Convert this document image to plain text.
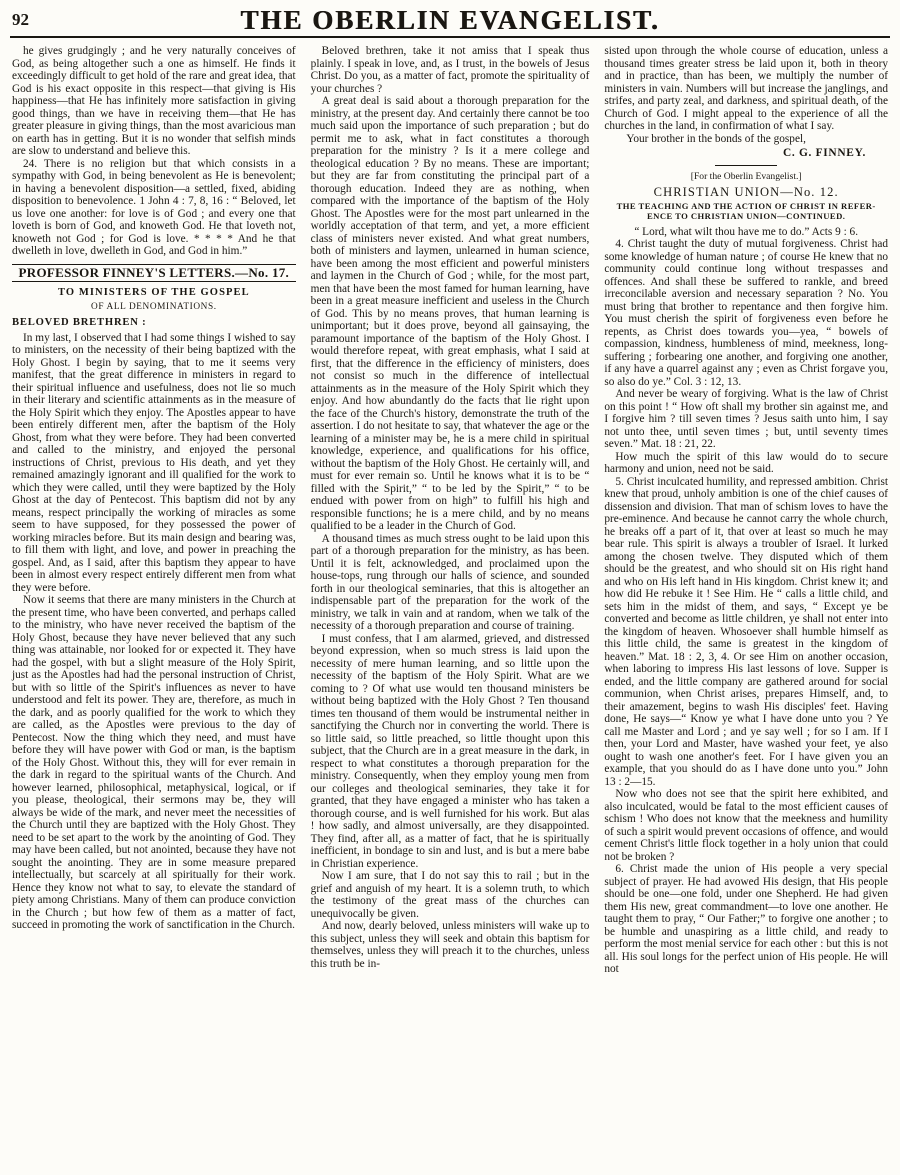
92	THE OBERLIN EVANGELIST.

he gives grudgingly ; and he very naturally conceives of God, as being altogether such a one as himself. He finds it exceedingly difficult to get hold of the rare and great idea, that God is his exact opposite in this respect—that giving is His happiness—that He has infinitely more satisfaction in giving good things, than we have in receiving them—that He has greater pleasure in giving things, than the most avaricious man on earth has in getting. But it is no wonder that selfish minds are slow to understand and believe this.

24. There is no religion but that which consists in a sympathy with God, in being benevolent as He is benevolent; in having a benevolent disposition—a settled, fixed, abiding disposition to benevolence. 1 John 4 : 7, 8, 16 : “ Beloved, let us love one another: for love is of God ; and every one that loveth is born of God, and knoweth God. He that loveth not, knoweth not God ; for God is love. * * * * And he that dwelleth in love, dwelleth in God, and God in him.”

PROFESSOR FINNEY'S LETTERS.—No. 17.
TO MINISTERS OF THE GOSPEL
OF ALL DENOMINATIONS.
BELOVED BRETHREN :

In my last, I observed that I had some things I wished to say to ministers, on the necessity of their being baptized with the Holy Ghost. I begin by saying, that to me it seems very manifest, that the great difference in ministers in regard to their spiritual influence and usefulness, does not lie so much in their literary and scientific attainments as in the measure of the Holy Spirit which they enjoy. The Apostles appear to have been entirely different men, after the baptism of the Holy Ghost, from what they were before. They had been converted and called to the ministry, and enjoyed the personal instructions of Christ, previous to His death, and yet they remained amazingly ignorant and ill qualified for the work to which they were called, until they were baptized by the Holy Ghost at the day of Pentecost. This baptism did not by any means, respect principally the working of miracles as some seem to have supposed, for they possessed the power of working miracles before. But its main design and bearing was, to fill them with light, and love, and power in preaching the gospel. And, as I said, after this baptism they appear to have been in almost every respect entirely different men from what they were before.

Now it seems that there are many ministers in the Church at the present time, who have been converted, and perhaps called to the ministry, who have never received the baptism of the Holy Ghost, because they have never believed that any such thing was attainable, nor looked for or expected it. They have had the gospel, with but a slight measure of the Holy Spirit, just as the Apostles had had the personal instruction of Christ, but with so little of the Spirit's influences as never to have understood and felt its power. They are, therefore, as much in the dark, and as poorly qualified for the work to which they are called, as the Apostles were previous to the day of Pentecost. Now the thing which they need, and must have before they will have power with God or man, is the baptism of the Holy Ghost. Without this, they will for ever remain in the dark in regard to the spiritual wants of the Church. And however learned, philosophical, metaphysical, logical, or if you please, theological, their sermons may be, they will always be wide of the mark, and never meet the necessities of the Church until they are baptized with the Holy Ghost. They need to be set apart to the work by the anointing of God. They may have been called, but not anointed, because they have not sought the anointing. They are in some measure prepared intellectually, but scarcely at all spiritually for their work. Hence they know not what to say, to elevate the standard of piety among Christians. Many of them can produce conviction in the Church ; but how few of them as a matter of fact, succeed in promoting the work of sanctification in the Church.

Beloved brethren, take it not amiss that I speak thus plainly. I speak in love, and, as I trust, in the bowels of Jesus Christ. Do you, as a matter of fact, promote the spirituality of your churches ?

A great deal is said about a thorough preparation for the ministry, at the present day. And certainly there cannot be too much said upon the importance of such preparation ; but do permit me to ask, what in fact constitutes a thorough preparation for the ministry ? Is it a mere college and theological education ? By no means. These are important; but they are far from constituting the principal part of a thorough education. Indeed they are as nothing, when compared with the importance of the baptism of the Holy Ghost. The Apostles were for the most part unlearned in the worldly acceptation of that term, and yet, a more efficient class of ministers never existed. And what great numbers, both of ministers and laymen, unlearned in human science, have been among the most efficient and powerful ministers and laymen in the Church of God ; while, for the most part, men that have been the most famed for human learning, have been in a great measure inefficient and useless in the Church of God. This by no means proves, that human learning is unimportant; but it does prove, beyond all gainsaying, the paramount importance of the baptism of the Holy Ghost. I would therefore repeat, with great emphasis, what I said at first, that the difference in the efficiency of ministers, does not consist so much in the difference of intellectual attainments as in the measure of the Holy Spirit which they enjoy. And how abundantly do the facts that lie right upon the face of the Church's history, demonstrate the truth of the assertion. I do not hesitate to say, that whatever the age or the learning of a minister may be, he is a mere child in spiritual knowledge, experience, and qualifications for his office, without the baptism of the Holy Ghost. He certainly will, and must for ever remain so. Until he knows what it is to be “ filled with the Spirit,” “ to be led by the Spirit,” “ to be endued with power from on high” to fulfill his high and responsible functions; he is a mere child, and by no means qualified to be a leader in the Church of God.

A thousand times as much stress ought to be laid upon this part of a thorough preparation for the ministry, as has been. Until it is felt, acknowledged, and proclaimed upon the house-tops, rung through our halls of science, and sounded forth in our theological seminaries, that this is altogether an indispensable part of the preparation for the work of the ministry, we talk in vain and at random, when we talk of the necessity of a thorough preparation and course of training.

I must confess, that I am alarmed, grieved, and distressed beyond expression, when so much stress is laid upon the necessity of mere human learning, and so little upon the necessity of the baptism of the Holy Spirit. What are we coming to ? Of what use would ten thousand ministers be without being baptized with the Holy Ghost ? Ten thousand times ten thousand of them would be instrumental neither in sanctifying the Church nor in converting the world. There is so little said, so little preached, so little thought upon this subject, that the Church are in a great measure in the dark, in respect to what constitutes a thorough preparation for the ministry. Consequently, when they employ young men from our colleges and theological seminaries, they take it for granted, that they have engaged a minister who has taken a thorough course, and is well furnished for his work. But alas ! how sadly, and almost universally, are they disappointed. They find, after all, as a matter of fact, that he is spiritually inefficient, in bondage to sin and lust, and is but a mere babe in Christian experience.

Now I am sure, that I do not say this to rail ; but in the grief and anguish of my heart. It is a solemn truth, to which the testimony of the great mass of the churches can unequivocally be given.

And now, dearly beloved, unless ministers will wake up to this subject, unless they will seek and obtain this baptism for themselves, unless they will preach it to the churches, unless this truth be in-

sisted upon through the whole course of education, unless a thousand times greater stress be laid upon it, both in theory and in practice, than has been, we multiply the number of ministers in vain. Numbers will but increase the janglings, and strifes, and party zeal, and darkness, and spiritual death, of the Church of God. I might appeal to the experience of all the churches in the land, in confirmation of what I say.

Your brother in the bonds of the gospel,

C. G. FINNEY.
[For the Oberlin Evangelist.]
CHRISTIAN UNION—No. 12.
THE TEACHING AND THE ACTION OF CHRIST IN REFER-
ENCE TO CHRISTIAN UNION—CONTINUED.

“ Lord, what wilt thou have me to do.” Acts 9 : 6.

4. Christ taught the duty of mutual forgiveness. Christ had some knowledge of human nature ; of course He knew that no community could continue long without trespasses and offences. And shall these be suffered to rankle, and breed irreconcilable aversion and necessary separation ? No. You must bring that brother to repentance and then forgive him. You must cherish the spirit of forgiveness even before he repents, as Christ does towards you—yea, “ bowels of compassion, kindness, humbleness of mind, meekness, long-suffering ; forbearing one another, and forgiving one another, if any have a quarrel against any ; even as Christ forgave you, so also do ye.” Col. 3 : 12, 13.

And never be weary of forgiving. What is the law of Christ on this point ! “ How oft shall my brother sin against me, and I forgive him ? till seven times ? Jesus saith unto him, I say not unto thee, until seven times ; but, until seventy times seven.” Mat. 18 : 21, 22.

How much the spirit of this law would do to secure harmony and union, need not be said.

5. Christ inculcated humility, and repressed ambition. Christ knew that proud, unholy ambition is one of the chief causes of dissension and division. That man of schism loves to have the pre-eminence. And because he cannot carry the whole church, he breaks off a part of it, that over at least so much he may bear rule. This spirit is always a troubler of Israel. It lurked among the chosen twelve. They disputed which of them should be the greatest, and who should sit on His right hand and who on His left hand in His kingdom. Christ knew it; and how did He rebuke it ! See Him. He “ calls a little child, and sets him in the midst of them, and says, “ Except ye be converted and become as little children, ye shall not enter into the kingdom of heaven. Whosoever shall humble himself as this little child, the same is greatest in the kingdom of heaven.” Mat. 18 : 2, 3, 4. Or see Him on another occasion, when laboring to impress His last lessons of love. Supper is ended, and the little company are gathered around for social communion, when Christ arises, prepares Himself, and, to their amazement, begins to wash His disciples' feet. Having done, He says—“ Know ye what I have done unto you ? Ye call me Master and Lord ; and ye say well ; for so I am. If I then, your Lord and Master, have washed your feet, ye also ought to wash one another's feet. For I have given you an example, that you should do as I have done unto you.” John 13 : 2—15.

Now who does not see that the spirit here exhibited, and also inculcated, would be fatal to the most efficient causes of schism ! Who does not know that the meekness and humility of such a spirit would prevent occasions of offence, and would cement Christ's little flock together in a holy union that could not be broken ?

6. Christ made the union of His people a very special subject of prayer. He had avowed His design, that His people should be one—one fold, under one Shepherd. He had given them His new, great commandment—to love one another. He taught them to pray, “ Our Father;” to forgive one another ; to be humble and unaspiring as a little child, and ready to perform the most menial service for each other : but this is not all. His soul longs for the perfect union of His people. He will not
